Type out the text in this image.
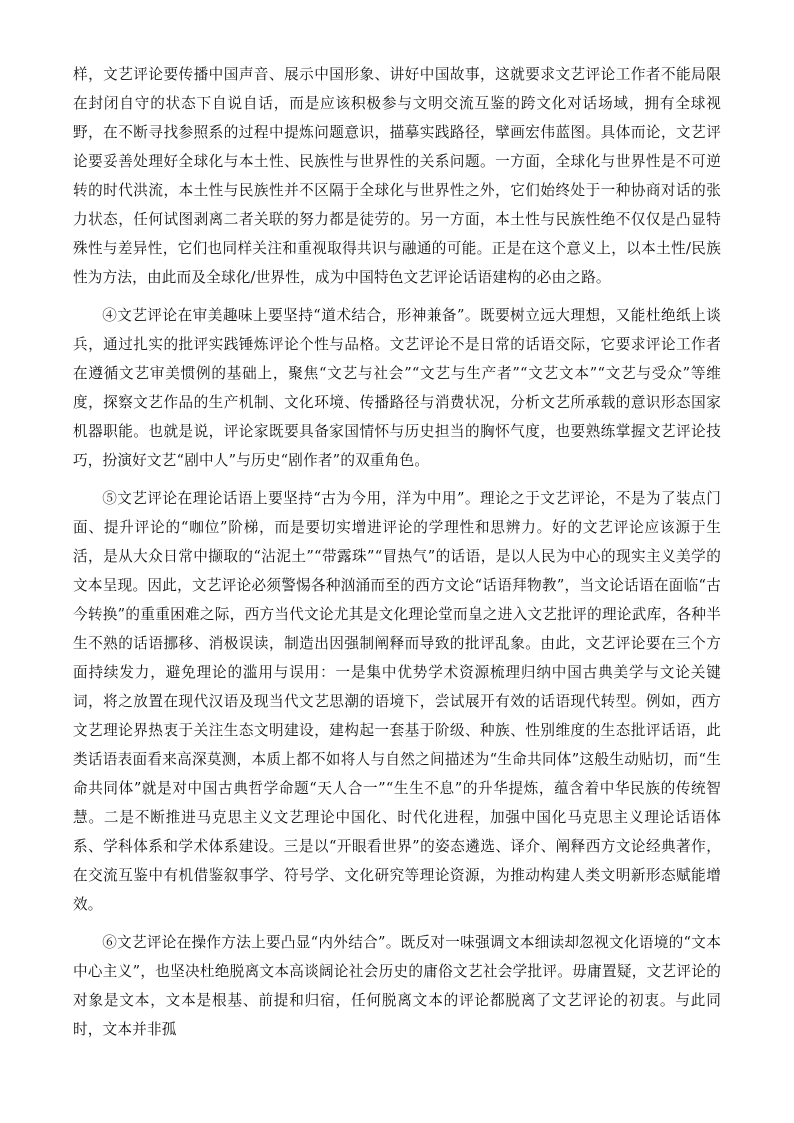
样，文艺评论要传播中国声音、展示中国形象、讲好中国故事，这就要求文艺评论工作者不能局限在封闭自守的状态下自说自话，而是应该积极参与文明交流互鉴的跨文化对话场域，拥有全球视野，在不断寻找参照系的过程中提炼问题意识，描摹实践路径，擘画宏伟蓝图。具体而论，文艺评论要妥善处理好全球化与本土性、民族性与世界性的关系问题。一方面，全球化与世界性是不可逆转的时代洪流，本土性与民族性并不区隔于全球化与世界性之外，它们始终处于一种协商对话的张力状态，任何试图剥离二者关联的努力都是徒劳的。另一方面，本土性与民族性绝不仅仅是凸显特殊性与差异性，它们也同样关注和重视取得共识与融通的可能。正是在这个意义上，以本土性/民族性为方法，由此而及全球化/世界性，成为中国特色文艺评论话语建构的必由之路。

④文艺评论在审美趣味上要坚持“道术结合，形神兼备”。既要树立远大理想，又能杜绝纸上谈兵，通过扎实的批评实践锤炼评论个性与品格。文艺评论不是日常的话语交际，它要求评论工作者在遵循文艺审美惯例的基础上，聚焦“文艺与社会”“文艺与生产者”“文艺文本”“文艺与受众”等维度，探察文艺作品的生产机制、文化环境、传播路径与消费状况，分析文艺所承载的意识形态国家机器职能。也就是说，评论家既要具备家国情怀与历史担当的胸怀气度，也要熟练掌握文艺评论技巧，扮演好文艺“剧中人”与历史“剧作者”的双重角色。

⑤文艺评论在理论话语上要坚持“古为今用，洋为中用”。理论之于文艺评论，不是为了装点门面、提升评论的“咖位”阶梯，而是要切实增进评论的学理性和思辨力。好的文艺评论应该源于生活，是从大众日常中撷取的“沾泥土”“带露珠”“冒热气”的话语，是以人民为中心的现实主义美学的文本呈现。因此，文艺评论必须警惕各种汹涌而至的西方文论“话语拜物教”，当文论话语在面临“古今转换”的重重困难之际，西方当代文论尤其是文化理论堂而皇之进入文艺批评的理论武库，各种半生不熟的话语挪移、消极误读，制造出因强制阐释而导致的批评乱象。由此，文艺评论要在三个方面持续发力，避免理论的滥用与误用：一是集中优势学术资源梳理归纳中国古典美学与文论关键词，将之放置在现代汉语及现当代文艺思潮的语境下，尝试展开有效的话语现代转型。例如，西方文艺理论界热衷于关注生态文明建设，建构起一套基于阶级、种族、性别维度的生态批评话语，此类话语表面看来高深莫测，本质上都不如将人与自然之间描述为“生命共同体”这般生动贴切，而“生命共同体”就是对中国古典哲学命题“天人合一”“生生不息”的升华提炼，蕴含着中华民族的传统智慧。二是不断推进马克思主义文艺理论中国化、时代化进程，加强中国化马克思主义理论话语体系、学科体系和学术体系建设。三是以“开眼看世界”的姿态遴选、译介、阐释西方文论经典著作，在交流互鉴中有机借鉴叙事学、符号学、文化研究等理论资源，为推动构建人类文明新形态赋能增效。

⑥文艺评论在操作方法上要凸显“内外结合”。既反对一味强调文本细读却忽视文化语境的“文本中心主义”，也坚决杜绝脱离文本高谈阔论社会历史的庸俗文艺社会学批评。毋庸置疑，文艺评论的对象是文本，文本是根基、前提和归宿，任何脱离文本的评论都脱离了文艺评论的初衷。与此同时，文本并非孤
